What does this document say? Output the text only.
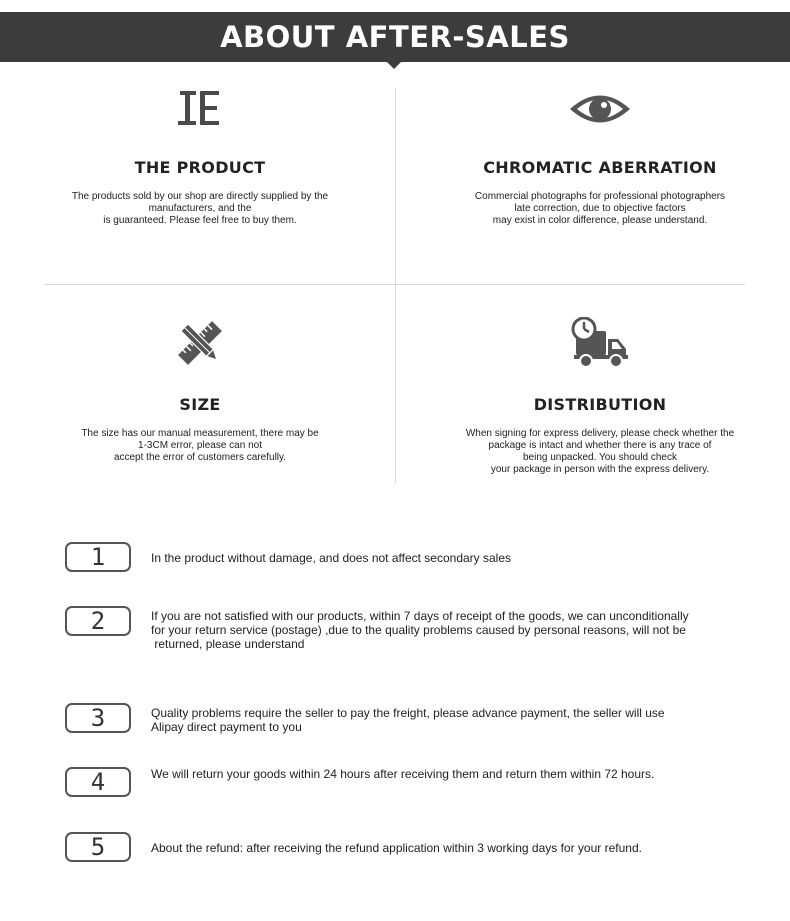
ABOUT AFTER-SALES
THE PRODUCT
The products sold by our shop are directly supplied by the
manufacturers, and the
is guaranteed. Please feel free to buy them.
CHROMATIC ABERRATION
Commercial photographs for professional photographers
late correction, due to objective factors
may exist in color difference, please understand.
SIZE
The size has our manual measurement, there may be
1-3CM error, please can not
accept the error of customers carefully.
DISTRIBUTION
When signing for express delivery, please check whether the
package is intact and whether there is any trace of
being unpacked. You should check
your package in person with the express delivery.
1	In the product without damage, and does not affect secondary sales
2	If you are not satisfied with our products, within 7 days of receipt of the goods, we can unconditionally
for your return service (postage) ,due to the quality problems caused by personal reasons, will not be
returned, please understand
3	Quality problems require the seller to pay the freight, please advance payment, the seller will use
Alipay direct payment to you
4	We will return your goods within 24 hours after receiving them and return them within 72 hours.
5	About the refund: after receiving the refund application within 3 working days for your refund.
